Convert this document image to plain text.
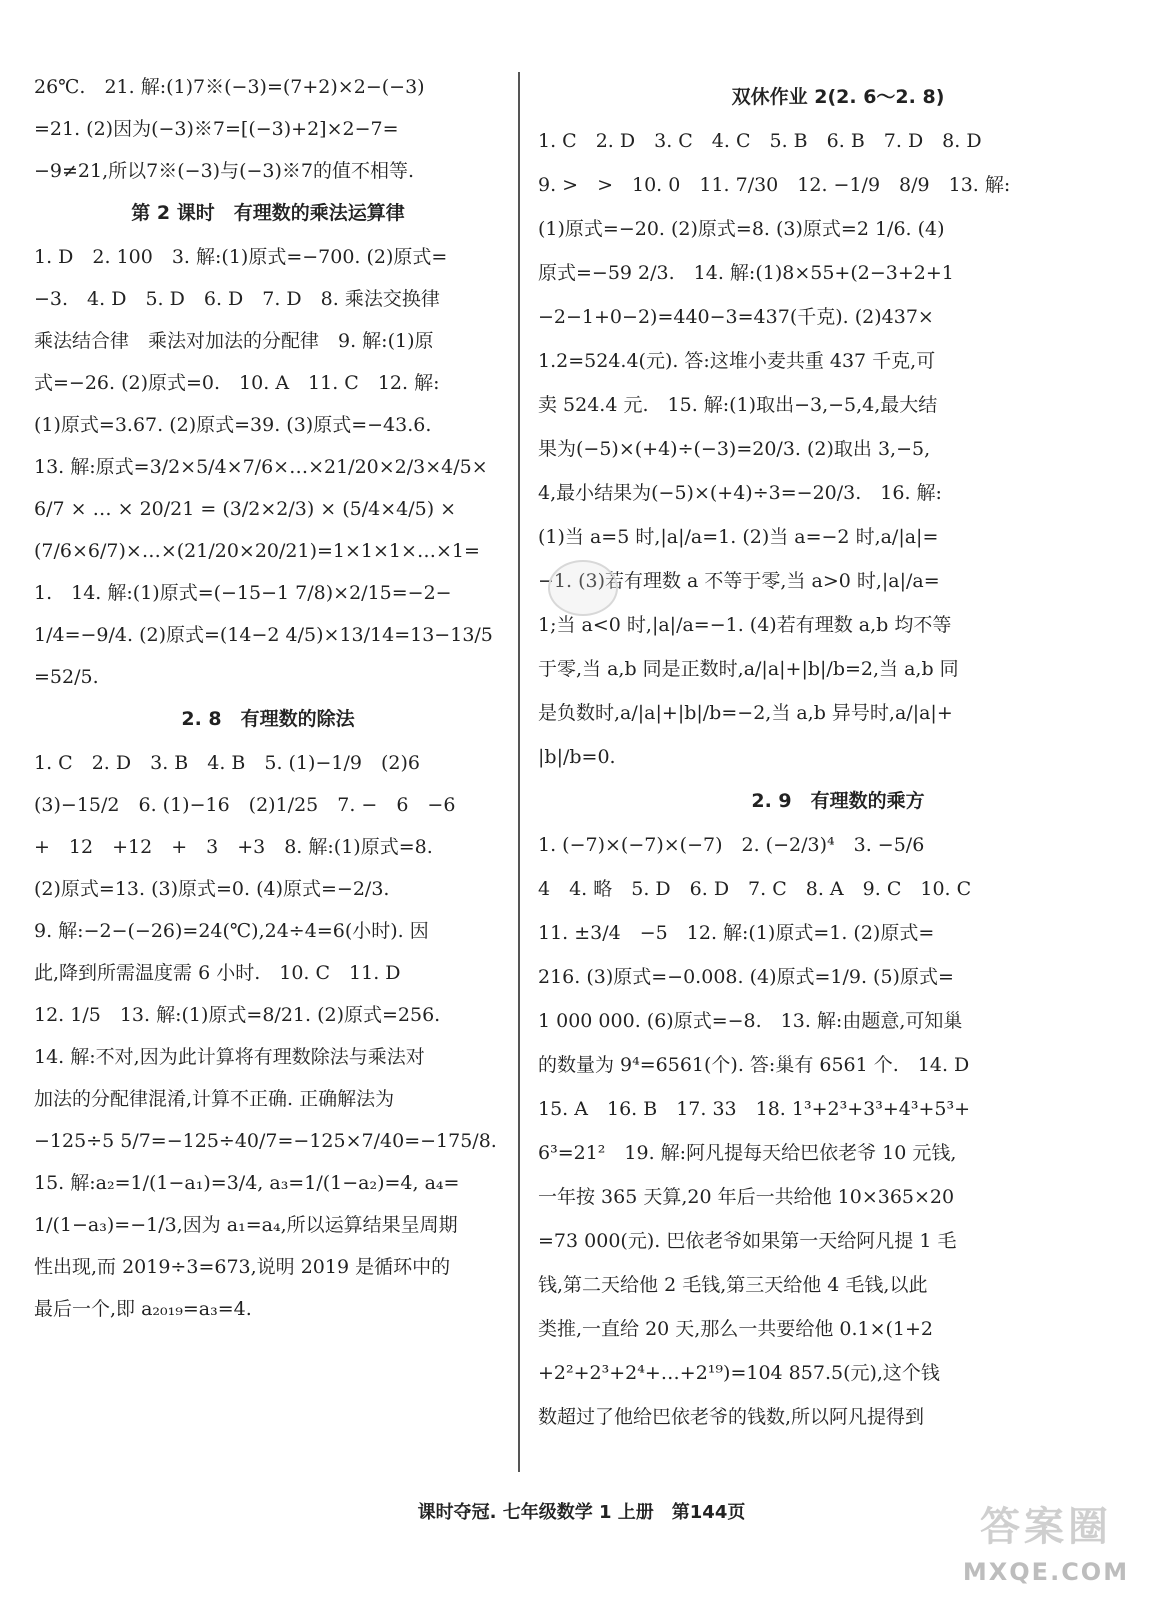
26℃.　21. 解:(1)7※(−3)=(7+2)×2−(−3)
=21. (2)因为(−3)※7=[(−3)+2]×2−7=
−9≠21,所以7※(−3)与(−3)※7的值不相等.
第 2 课时　有理数的乘法运算律
1. D　2. 100　3. 解:(1)原式=−700. (2)原式=
−3.　4. D　5. D　6. D　7. D　8. 乘法交换律
乘法结合律　乘法对加法的分配律　9. 解:(1)原
式=−26. (2)原式=0.　10. A　11. C　12. 解:
(1)原式=3.67. (2)原式=39. (3)原式=−43.6.
13. 解:原式=3/2×5/4×7/6×…×21/20×2/3×4/5×
6/7 × … × 20/21 = (3/2×2/3) × (5/4×4/5) ×
(7/6×6/7)×…×(21/20×20/21)=1×1×1×…×1=
1.　14. 解:(1)原式=(−15−1 7/8)×2/15=−2−
1/4=−9/4. (2)原式=(14−2 4/5)×13/14=13−13/5
=52/5.
2. 8　有理数的除法
1. C　2. D　3. B　4. B　5. (1)−1/9　(2)6
(3)−15/2　6. (1)−16　(2)1/25　7. −　6　−6
+　12　+12　+　3　+3　8. 解:(1)原式=8.
(2)原式=13. (3)原式=0. (4)原式=−2/3.
9. 解:−2−(−26)=24(℃),24÷4=6(小时). 因
此,降到所需温度需 6 小时.　10. C　11. D
12. 1/5　13. 解:(1)原式=8/21. (2)原式=256.
14. 解:不对,因为此计算将有理数除法与乘法对
加法的分配律混淆,计算不正确. 正确解法为
−125÷5 5/7=−125÷40/7=−125×7/40=−175/8.
15. 解:a₂=1/(1−a₁)=3/4, a₃=1/(1−a₂)=4, a₄=
1/(1−a₃)=−1/3,因为 a₁=a₄,所以运算结果呈周期
性出现,而 2019÷3=673,说明 2019 是循环中的
最后一个,即 a₂₀₁₉=a₃=4.
双休作业 2(2. 6～2. 8)
1. C　2. D　3. C　4. C　5. B　6. B　7. D　8. D
9. >　>　10. 0　11. 7/30　12. −1/9　8/9　13. 解:
(1)原式=−20. (2)原式=8. (3)原式=2 1/6. (4)
原式=−59 2/3.　14. 解:(1)8×55+(2−3+2+1
−2−1+0−2)=440−3=437(千克). (2)437×
1.2=524.4(元). 答:这堆小麦共重 437 千克,可
卖 524.4 元.　15. 解:(1)取出−3,−5,4,最大结
果为(−5)×(+4)÷(−3)=20/3. (2)取出 3,−5,
4,最小结果为(−5)×(+4)÷3=−20/3.　16. 解:
(1)当 a=5 时,|a|/a=1. (2)当 a=−2 时,a/|a|=
−1. (3)若有理数 a 不等于零,当 a>0 时,|a|/a=
1;当 a<0 时,|a|/a=−1. (4)若有理数 a,b 均不等
于零,当 a,b 同是正数时,a/|a|+|b|/b=2,当 a,b 同
是负数时,a/|a|+|b|/b=−2,当 a,b 异号时,a/|a|+
|b|/b=0.
2. 9　有理数的乘方
1. (−7)×(−7)×(−7)　2. (−2/3)⁴　3. −5/6
4　4. 略　5. D　6. D　7. C　8. A　9. C　10. C
11. ±3/4　−5　12. 解:(1)原式=1. (2)原式=
216. (3)原式=−0.008. (4)原式=1/9. (5)原式=
1 000 000. (6)原式=−8.　13. 解:由题意,可知巢
的数量为 9⁴=6561(个). 答:巢有 6561 个.　14. D
15. A　16. B　17. 33　18. 1³+2³+3³+4³+5³+
6³=21²　19. 解:阿凡提每天给巴依老爷 10 元钱,
一年按 365 天算,20 年后一共给他 10×365×20
=73 000(元). 巴依老爷如果第一天给阿凡提 1 毛
钱,第二天给他 2 毛钱,第三天给他 4 毛钱,以此
类推,一直给 20 天,那么一共要给他 0.1×(1+2
+2²+2³+2⁴+…+2¹⁹)=104 857.5(元),这个钱
数超过了他给巴依老爷的钱数,所以阿凡提得到
课时夺冠. 七年级数学 1 上册　第144页	答案圈
MXQE.COM
